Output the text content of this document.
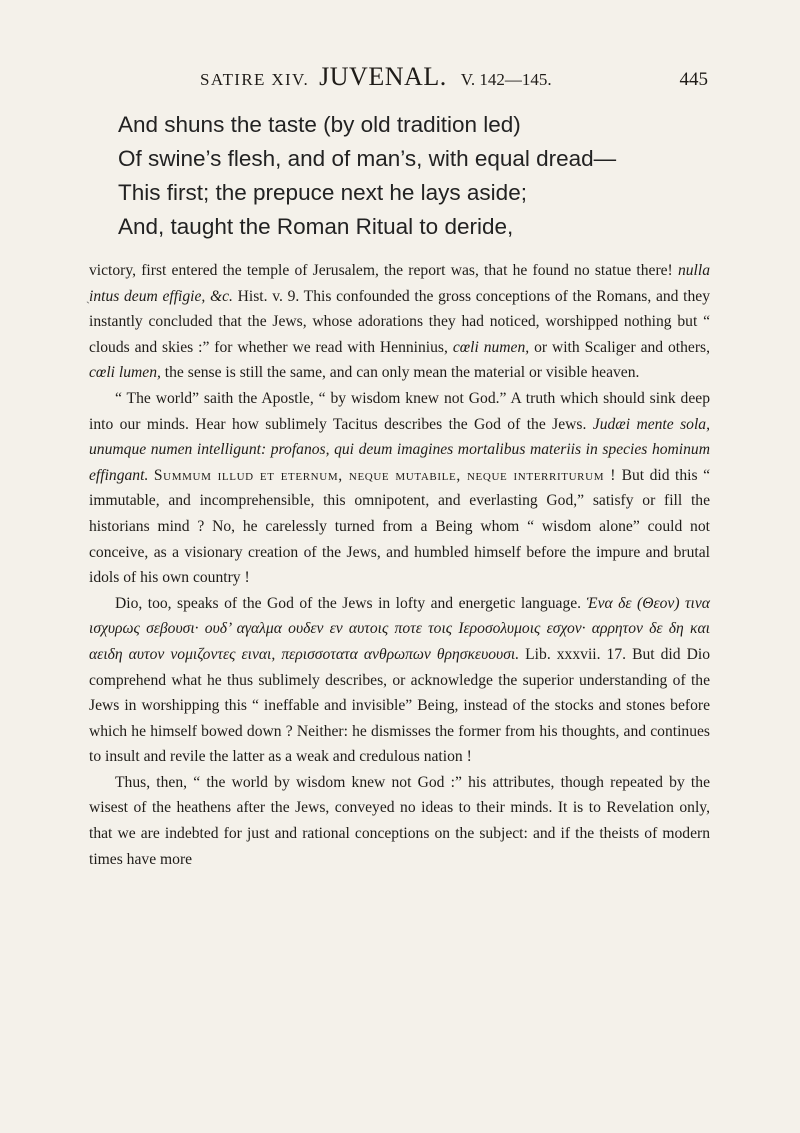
SATIRE XIV. JUVENAL. V. 142—145.	445
And shuns the taste (by old tradition led)
Of swine’s flesh, and of man’s, with equal dread—
This first; the prepuce next he lays aside;
And, taught the Roman Ritual to deride,
ˎ

victory, first entered the temple of Jerusalem, the report was, that he found no statue there! nulla intus deum effigie, &c. Hist. v. 9. This confounded the gross conceptions of the Romans, and they instantly concluded that the Jews, whose adorations they had noticed, worshipped nothing but “ clouds and skies :” for whether we read with Henninius, cœli numen, or with Scaliger and others, cœli lumen, the sense is still the same, and can only mean the material or visible heaven.

“ The world” saith the Apostle, “ by wisdom knew not God.” A truth which should sink deep into our minds. Hear how sublimely Tacitus describes the God of the Jews. Judæi mente sola, unumque numen intelligunt: profanos, qui deum imagines mortalibus materiis in species hominum effingant. Summum illud et eternum, neque mutabile, neque interriturum ! But did this “ immutable, and incomprehensible, this omnipotent, and everlasting God,” satisfy or fill the historians mind ? No, he carelessly turned from a Being whom “ wisdom alone” could not conceive, as a visionary creation of the Jews, and humbled himself before the impure and brutal idols of his own country !

Dio, too, speaks of the God of the Jews in lofty and energetic language. Ἑνα δε (Θεον) τινα ισχυρως σεβουσι· ουδ’ αγαλμα ουδεν εν αυτοις ποτε τοις Ιεροσολυμοις εσχον· αρρητον δε δη και αειδη αυτον νομιζοντες ειναι, περισσοτατα ανθρωπων θρησκευουσι. Lib. xxxvii. 17. But did Dio comprehend what he thus sublimely describes, or acknowledge the superior understanding of the Jews in worshipping this “ ineffable and invisible” Being, instead of the stocks and stones before which he himself bowed down ? Neither: he dismisses the former from his thoughts, and continues to insult and revile the latter as a weak and credulous nation !

Thus, then, “ the world by wisdom knew not God :” his attributes, though repeated by the wisest of the heathens after the Jews, conveyed no ideas to their minds. It is to Revelation only, that we are indebted for just and rational conceptions on the subject: and if the theists of modern times have more
